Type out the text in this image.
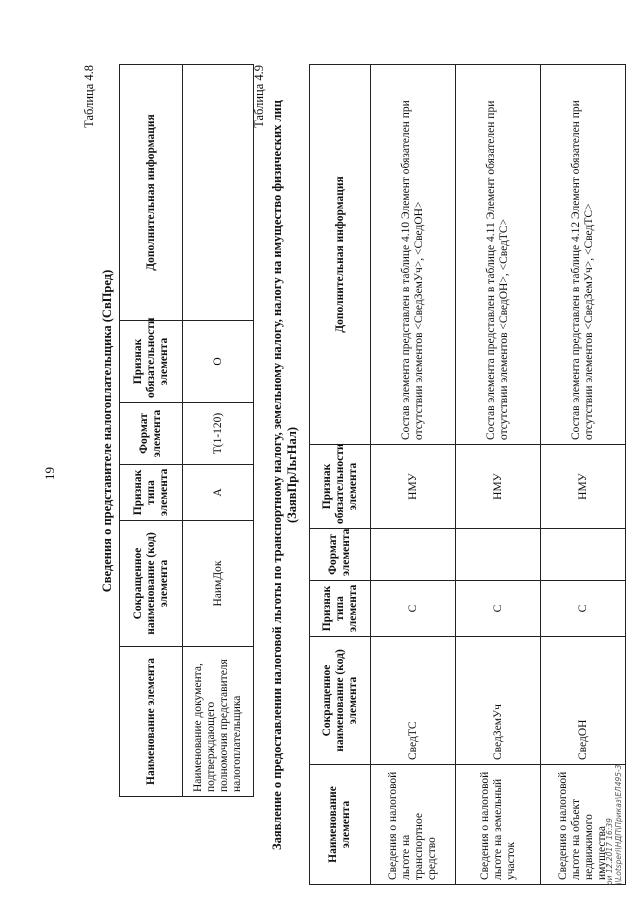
19
Таблица 4.8
Сведения о представителе налогоплательщика (СвПред)
Наименование элемента	Сокращенное наименование (код) элемента	Признак типа элемента	Формат элемента	Признак обязательности элемента	Дополнительная информация
Наименование документа, подтверждающего полномочия представителя налогоплательщика	НаимДок	А	Т(1-120)	О	
Таблица 4.9
Заявление о предоставлении налоговой льготы по транспортному налогу, земельному налогу, налогу на имущество физических лиц (ЗаявПрЛьгНал)
Наименование элемента	Сокращенное наименование (код) элемента	Признак типа элемента	Формат элемента	Признак обязательности элемента	Дополнительная информация
Сведения о налоговой льготе на транспортное средство	СведТС	С		НМУ	Состав элемента представлен в таблице 4.10 Элемент обязателен при отсутствии элементов <СведЗемУч>, <СведОН>
Сведения о налоговой льготе на земельный участок	СведЗемУч	С		НМУ	Состав элемента представлен в таблице 4.11 Элемент обязателен при отсутствии элементов <СведОН>, <СведТС>
Сведения о налоговой льготе на объект недвижимого имущества	СведОН	С		НМУ	Состав элемента представлен в таблице 4.12 Элемент обязателен при отсутствии элементов <СведЗемУч>, <СведТС>
ои 12.2017 16:39 \\Lotsperi\НДП\Приказ\ЕЛ495-3
